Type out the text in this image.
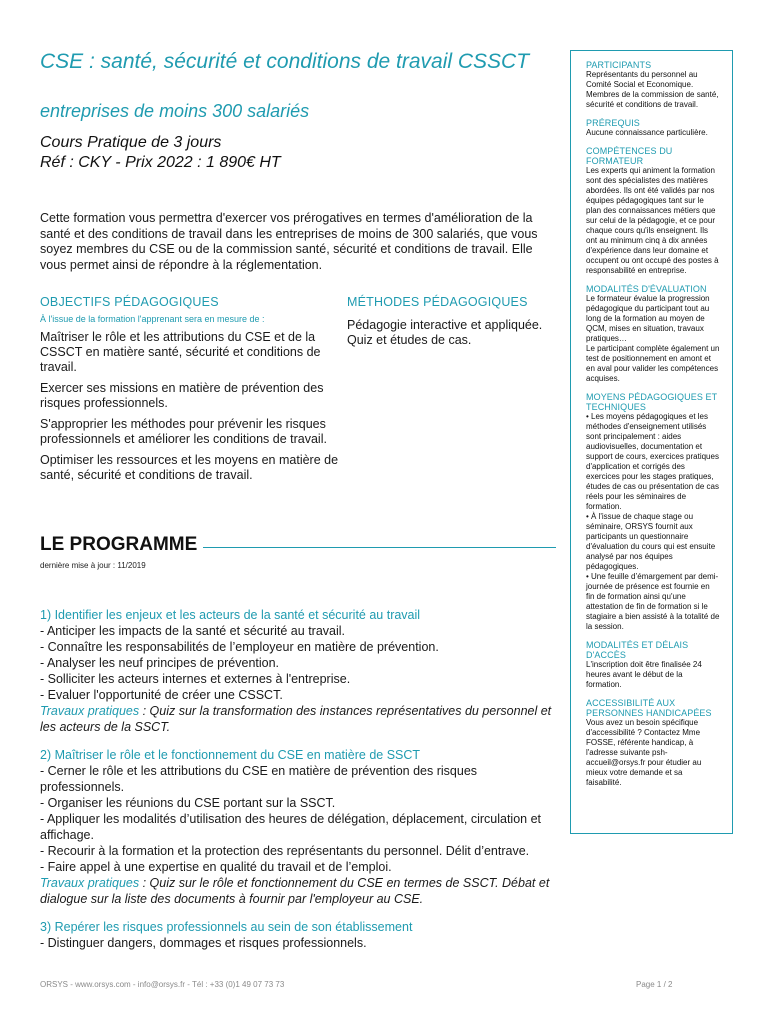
CSE : santé, sécurité et conditions de travail CSSCT
entreprises de moins 300 salariés
Cours Pratique de 3 jours
Réf : CKY - Prix 2022 : 1 890€ HT

Cette formation vous permettra d'exercer vos prérogatives en termes d'amélioration de la santé et des conditions de travail dans les entreprises de moins de 300 salariés, que vous soyez membres du CSE ou de la commission santé, sécurité et conditions de travail. Elle vous permet ainsi de répondre à la réglementation.

OBJECTIFS PÉDAGOGIQUES
À l'issue de la formation l'apprenant sera en mesure de :
Maîtriser le rôle et les attributions du CSE et de la CSSCT en matière santé, sécurité et conditions de travail.
Exercer ses missions en matière de prévention des risques professionnels.
S'approprier les méthodes pour prévenir les risques professionnels et améliorer les conditions de travail.
Optimiser les ressources et les moyens en matière de santé, sécurité et conditions de travail.
MÉTHODES PÉDAGOGIQUES
Pédagogie interactive et appliquée. Quiz et études de cas.
LE PROGRAMME
dernière mise à jour : 11/2019
1) Identifier les enjeux et les acteurs de la santé et sécurité au travail
- Anticiper les impacts de la santé et sécurité au travail.
- Connaître les responsabilités de l’employeur en matière de prévention.
- Analyser les neuf principes de prévention.
- Solliciter les acteurs internes et externes à l'entreprise.
- Evaluer l'opportunité de créer une CSSCT.
Travaux pratiques : Quiz sur la transformation des instances représentatives du personnel et les acteurs de la SSCT.
2) Maîtriser le rôle et le fonctionnement du CSE en matière de SSCT
- Cerner le rôle et les attributions du CSE en matière de prévention des risques professionnels.
- Organiser les réunions du CSE portant sur la SSCT.
- Appliquer les modalités d’utilisation des heures de délégation, déplacement, circulation et affichage.
- Recourir à la formation et la protection des représentants du personnel. Délit d’entrave.
- Faire appel à une expertise en qualité du travail et de l’emploi.
Travaux pratiques : Quiz sur le rôle et fonctionnement du CSE en termes de SSCT. Débat et dialogue sur la liste des documents à fournir par l'employeur au CSE.
3) Repérer les risques professionnels au sein de son établissement
- Distinguer dangers, dommages et risques professionnels.
PARTICIPANTS
Représentants du personnel au Comité Social et Economique. Membres de la commission de santé, sécurité et conditions de travail.
PRÉREQUIS
Aucune connaissance particulière.
COMPÉTENCES DU FORMATEUR
Les experts qui animent la formation sont des spécialistes des matières abordées. Ils ont été validés par nos équipes pédagogiques tant sur le plan des connaissances métiers que sur celui de la pédagogie, et ce pour chaque cours qu'ils enseignent. Ils ont au minimum cinq à dix années d'expérience dans leur domaine et occupent ou ont occupé des postes à responsabilité en entreprise.
MODALITÉS D'ÉVALUATION
Le formateur évalue la progression pédagogique du participant tout au long de la formation au moyen de QCM, mises en situation, travaux pratiques…
Le participant complète également un test de positionnement en amont et en aval pour valider les compétences acquises.
MOYENS PÉDAGOGIQUES ET TECHNIQUES
• Les moyens pédagogiques et les méthodes d'enseignement utilisés sont principalement : aides audiovisuelles, documentation et support de cours, exercices pratiques d'application et corrigés des exercices pour les stages pratiques, études de cas ou présentation de cas réels pour les séminaires de formation.
• À l'issue de chaque stage ou séminaire, ORSYS fournit aux participants un questionnaire d'évaluation du cours qui est ensuite analysé par nos équipes pédagogiques.
• Une feuille d’émargement par demi-journée de présence est fournie en fin de formation ainsi qu'une attestation de fin de formation si le stagiaire a bien assisté à la totalité de la session.
MODALITÉS ET DÉLAIS D'ACCÈS
L'inscription doit être finalisée 24 heures avant le début de la formation.
ACCESSIBILITÉ AUX PERSONNES HANDICAPÉES
Vous avez un besoin spécifique d'accessibilité ? Contactez Mme FOSSE, référente handicap, à l'adresse suivante psh-accueil@orsys.fr pour étudier au mieux votre demande et sa faisabilité.
ORSYS - www.orsys.com - info@orsys.fr - Tél : +33 (0)1 49 07 73 73	Page 1 / 2
